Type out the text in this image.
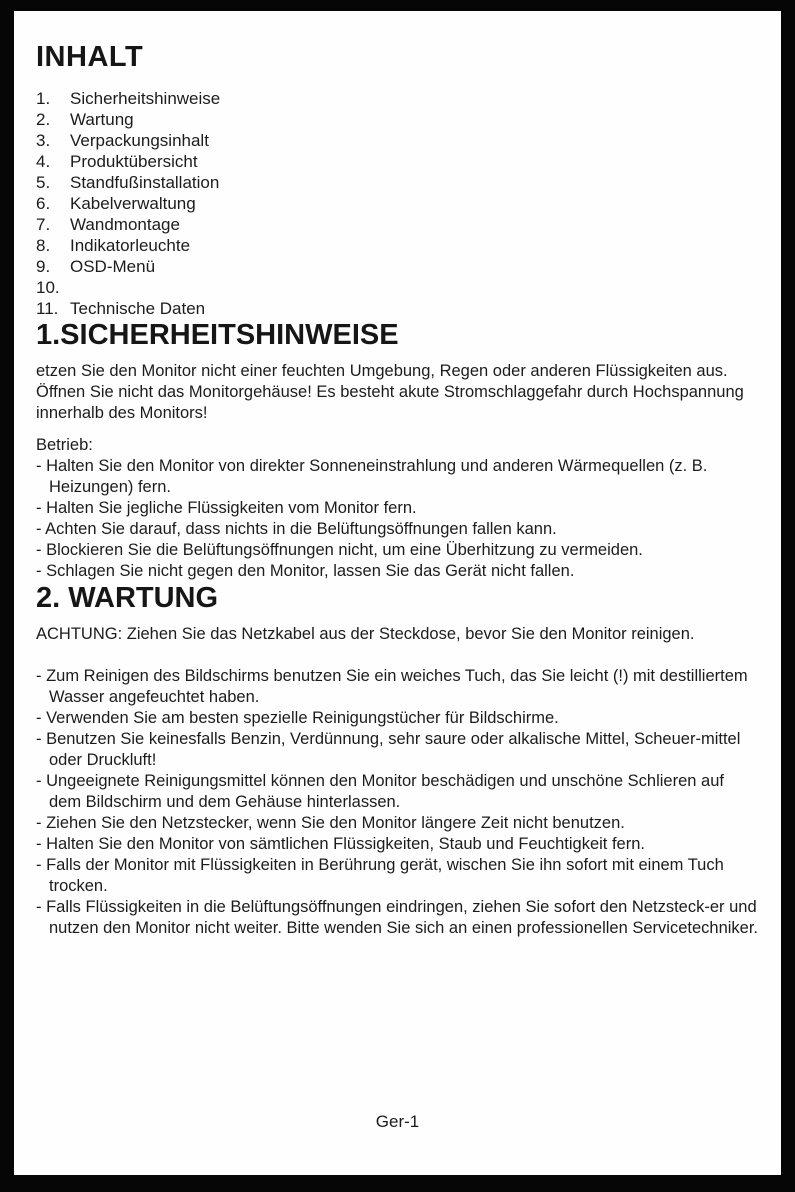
INHALT
1.	Sicherheitshinweise
2.	Wartung
3.	Verpackungsinhalt
4.	Produktübersicht
5.	Standfußinstallation
6.	Kabelverwaltung
7.	Wandmontage
8.	Indikatorleuchte
9.	OSD-Menü
10.
11. Technische Daten
1.SICHERHEITSHINWEISE

etzen Sie den Monitor nicht einer feuchten Umgebung, Regen oder anderen Flüssigkeiten aus.

Öffnen Sie nicht das Monitorgehäuse! Es besteht akute Stromschlaggefahr durch Hochspannung innerhalb des Monitors!

Betrieb:

- Halten Sie den Monitor von direkter Sonneneinstrahlung und anderen Wärmequellen (z. B. Heizungen) fern.
- Halten Sie jegliche Flüssigkeiten vom Monitor fern.
- Achten Sie darauf, dass nichts in die Belüftungsöffnungen fallen kann.
- Blockieren Sie die Belüftungsöffnungen nicht, um eine Überhitzung zu vermeiden.
- Schlagen Sie nicht gegen den Monitor, lassen Sie das Gerät nicht fallen.
2. WARTUNG

ACHTUNG: Ziehen Sie das Netzkabel aus der Steckdose, bevor Sie den Monitor reinigen.

- Zum Reinigen des Bildschirms benutzen Sie ein weiches Tuch, das Sie leicht (!) mit destilliertem Wasser angefeuchtet haben.
- Verwenden Sie am besten spezielle Reinigungstücher für Bildschirme.
- Benutzen Sie keinesfalls Benzin, Verdünnung, sehr saure oder alkalische Mittel, Scheuer-mittel oder Druckluft!
- Ungeeignete Reinigungsmittel können den Monitor beschädigen und unschöne Schlieren auf dem Bildschirm und dem Gehäuse hinterlassen.
- Ziehen Sie den Netzstecker, wenn Sie den Monitor längere Zeit nicht benutzen.
- Halten Sie den Monitor von sämtlichen Flüssigkeiten, Staub und Feuchtigkeit fern.
- Falls der Monitor mit Flüssigkeiten in Berührung gerät, wischen Sie ihn sofort mit einem Tuch trocken.
- Falls Flüssigkeiten in die Belüftungsöffnungen eindringen, ziehen Sie sofort den Netzsteck-er und nutzen den Monitor nicht weiter. Bitte wenden Sie sich an einen professionellen Servicetechniker.
Ger-1
